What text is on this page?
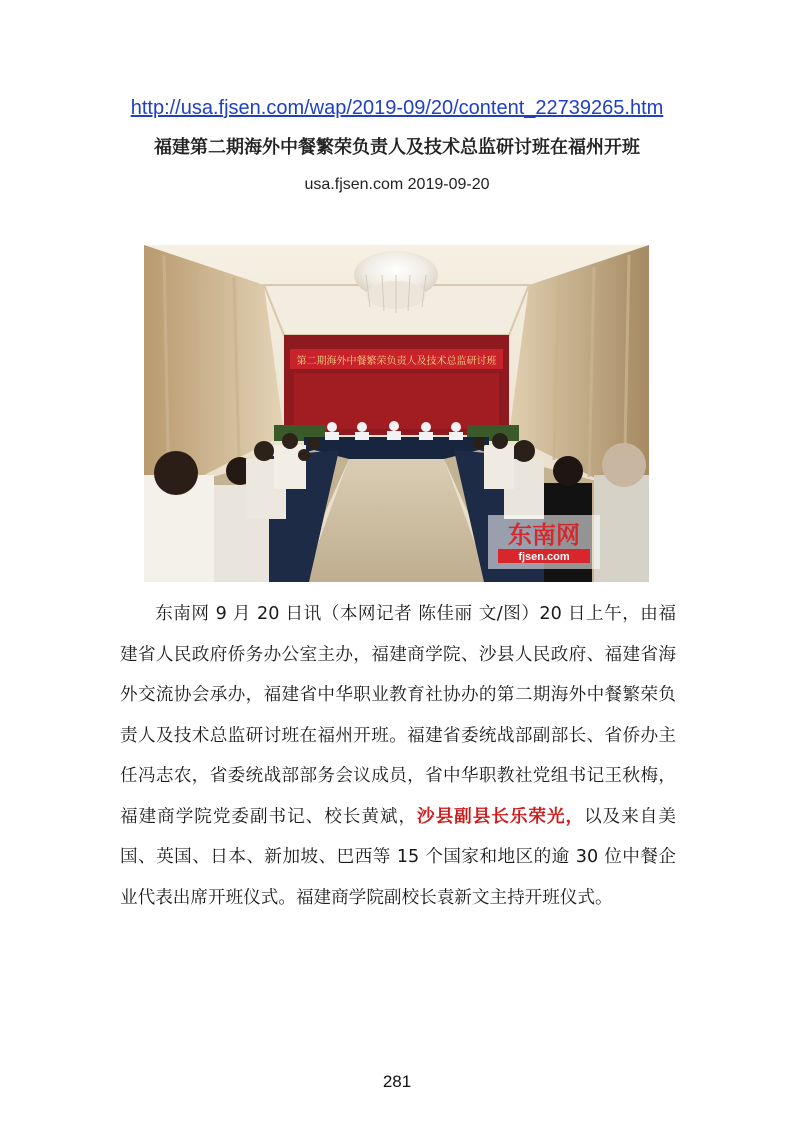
http://usa.fjsen.com/wap/2019-09/20/content_22739265.htm
福建第二期海外中餐繁荣负责人及技术总监研讨班在福州开班
usa.fjsen.com 2019-09-20
第二期海外中餐繁荣负责人及技术总监研讨班
东南网
fjsen.com

东南网 9 月 20 日讯（本网记者 陈佳丽 文/图）20 日上午，由福建省人民政府侨务办公室主办，福建商学院、沙县人民政府、福建省海外交流协会承办，福建省中华职业教育社协办的第二期海外中餐繁荣负责人及技术总监研讨班在福州开班。福建省委统战部副部长、省侨办主任冯志农，省委统战部部务会议成员，省中华职教社党组书记王秋梅，福建商学院党委副书记、校长黄斌，沙县副县长乐荣光，以及来自美国、英国、日本、新加坡、巴西等 15 个国家和地区的逾 30 位中餐企业代表出席开班仪式。福建商学院副校长袁新文主持开班仪式。

281
